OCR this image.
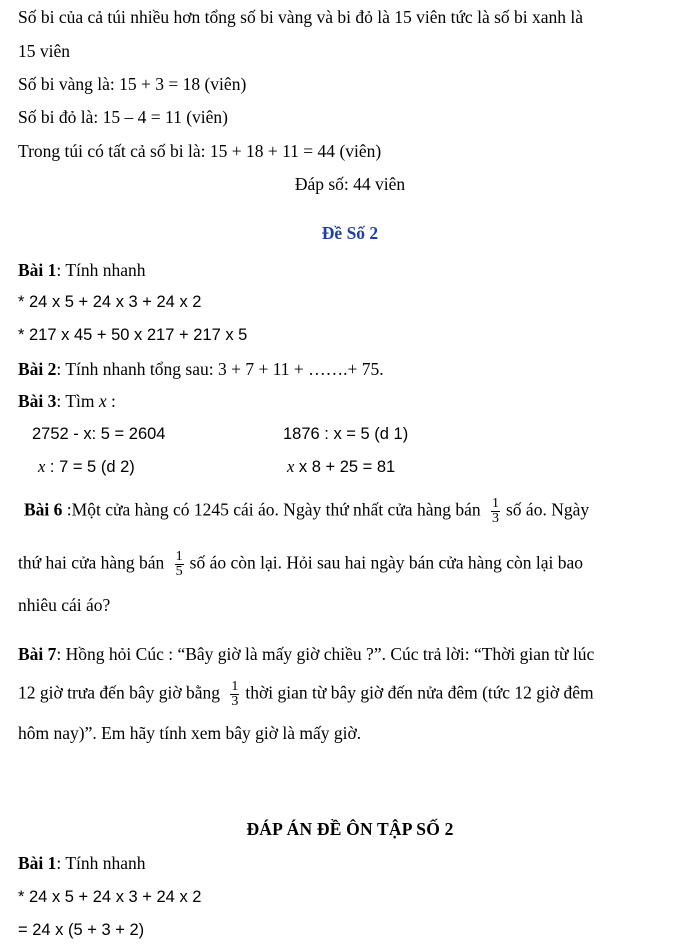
Số bi của cả túi nhiều hơn tổng số bi vàng và bi đỏ là 15 viên tức là số bi xanh là
15 viên
Số bi vàng là: 15 + 3 = 18 (viên)
Số bi đỏ là: 15 – 4 = 11 (viên)
Trong túi có tất cả số bi là: 15 + 18 + 11 = 44 (viên)
Đáp số: 44 viên
Đề Số 2
Bài 1: Tính nhanh
* 24 x 5 + 24 x 3 + 24 x 2
* 217 x 45 + 50 x 217 + 217 x 5
Bài 2: Tính nhanh tổng sau: 3 + 7 + 11 + …….+ 75.
Bài 3: Tìm x :
2752 - x: 5 = 2604	1876 : x = 5 (d 1)
x : 7 = 5 (d 2)	x x 8 + 25 = 81
Bài 6 :Một cửa hàng có 1245 cái áo. Ngày thứ nhất cửa hàng bán $\frac{1}{3}$ số áo. Ngày
thứ hai cửa hàng bán $\frac{1}{5}$ số áo còn lại. Hỏi sau hai ngày bán cửa hàng còn lại bao
nhiêu cái áo?
Bài 7: Hồng hỏi Cúc : “Bây giờ là mấy giờ chiều ?”. Cúc trả lời: “Thời gian từ lúc
12 giờ trưa đến bây giờ bằng $\frac{1}{3}$ thời gian từ bây giờ đến nửa đêm (tức 12 giờ đêm
hôm nay)”. Em hãy tính xem bây giờ là mấy giờ.
ĐÁP ÁN ĐỀ ÔN TẬP SỐ 2
Bài 1: Tính nhanh
* 24 x 5 + 24 x 3 + 24 x 2
= 24 x (5 + 3 + 2)
